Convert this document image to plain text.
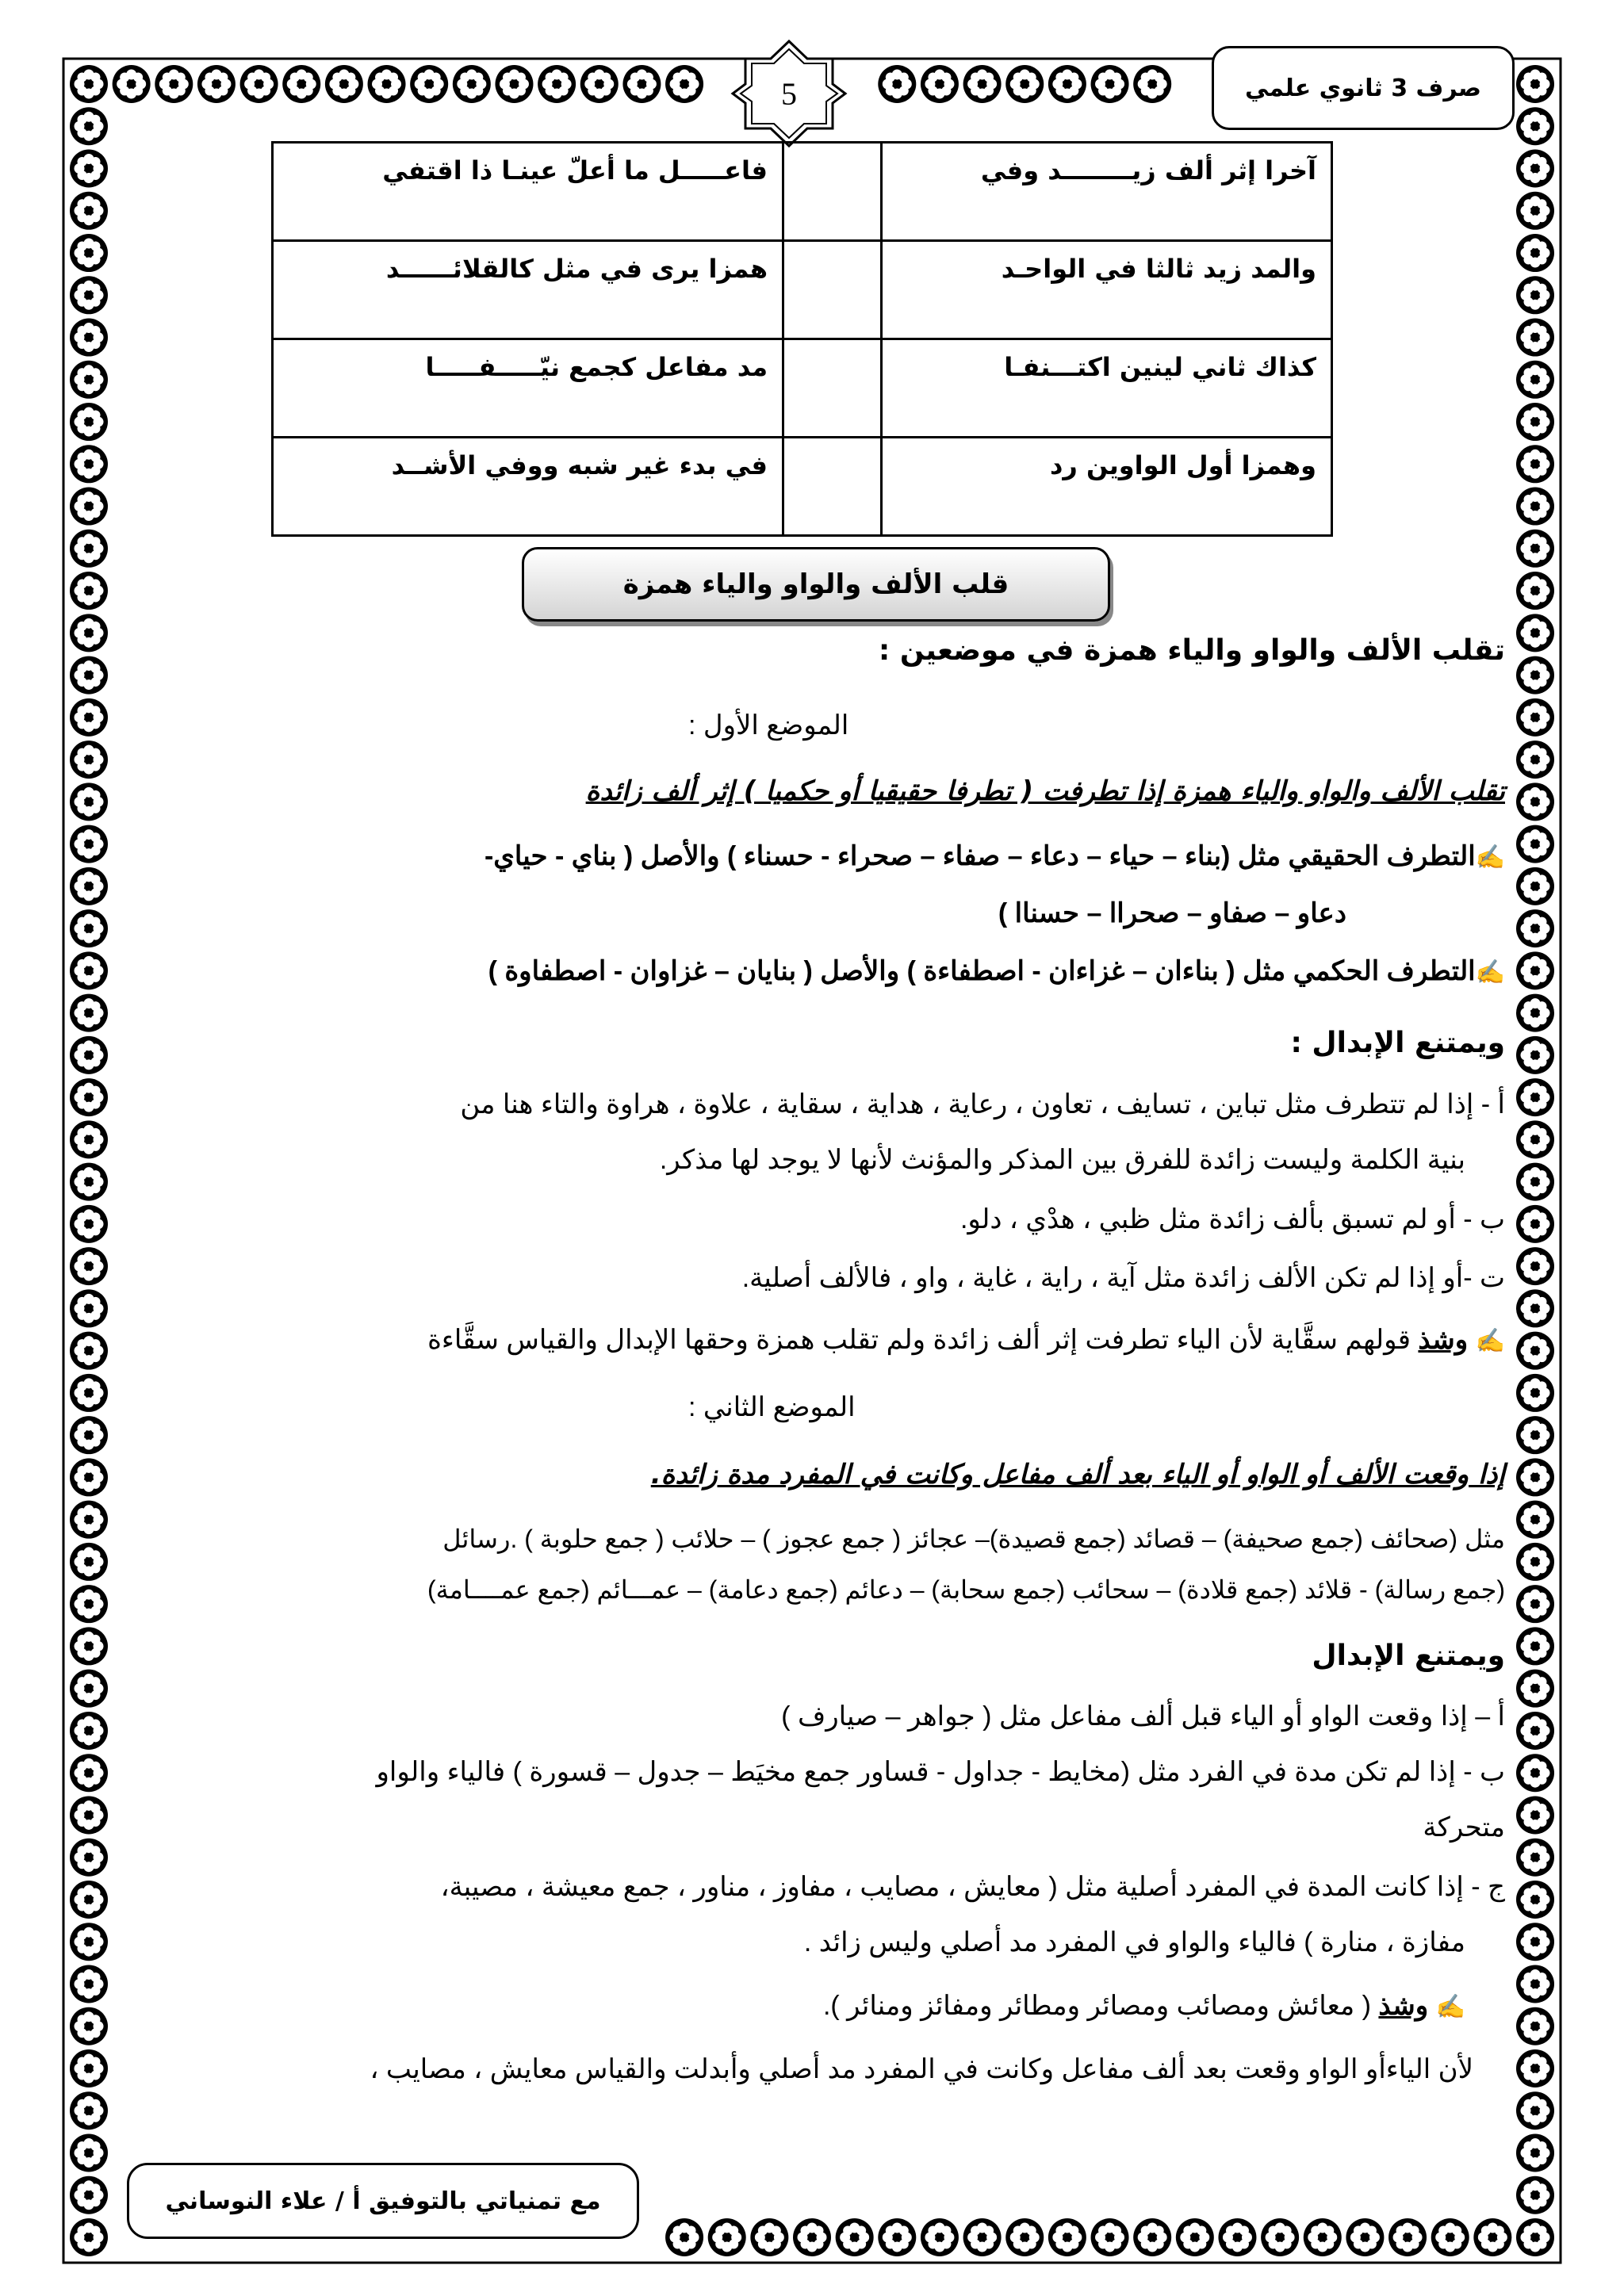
صرف 3 ثانوي علمي
5
آخرا إثر ألف زيــــــــد وفي		فاعـــــل ما أعلّ عينـا ذا اقتفي
والمد زيد ثالثا في الواحـد		همزا يرى في مثل كالقلائــــــد
كذاك ثاني لينين اكتـــنفـا		مد مفاعل كجمع نيّـــــفـــــا
وهمزا أول الواوين رد		في بدء غير شبه ووفي الأشــد
قلب الألف والواو والياء همزة
تقلب الألف والواو والياء همزة في موضعين :
الموضع الأول :
تقلب الألف والواو والياء همزة إذا تطرفت ( تطرفا حقيقيا أو حكميا ) إثر ألف زائدة
✍التطرف الحقيقي مثل (بناء – حياء – دعاء – صفاء – صحراء - حسناء ) والأصل ( بناي - حياي-
دعاو – صفاو – صحراا – حسناا )
✍التطرف الحكمي مثل ( بناءان – غزاءان - اصطفاءة ) والأصل ( بنايان – غزاوان - اصطفاوة )
ويمتنع الإبدال :
أ - إذا لم تتطرف مثل تباين ، تسايف ، تعاون ، رعاية ، هداية ، سقاية ، علاوة ، هراوة والتاء هنا من
بنية الكلمة وليست زائدة للفرق بين المذكر والمؤنث لأنها لا يوجد لها مذكر.
ب - أو لم تسبق بألف زائدة مثل ظبي ، هدْي ، دلو.
ت -أو إذا لم تكن الألف زائدة مثل آية ، راية ، غاية ، واو ، فالألف أصلية.
✍ وشذ قولهم سقَّاية لأن الياء تطرفت إثر ألف زائدة ولم تقلب همزة وحقها الإبدال والقياس سقَّاءة
الموضع الثاني :
إذا وقعت الألف أو الواو أو الياء بعد ألف مفاعل وكانت في المفرد مدة زائدة.
مثل (صحائف (جمع صحيفة) – قصائد (جمع قصيدة)– عجائز ( جمع عجوز ) – حلائب ( جمع حلوبة ) .رسائل
(جمع رسالة) - قلائد (جمع قلادة) – سحائب (جمع سحابة) – دعائم (جمع دعامة) – عمـــائم (جمع عمــــامة)
ويمتنع الإبدال
أ – إذا وقعت الواو أو الياء قبل ألف مفاعل مثل ( جواهر – صيارف )
ب - إذا لم تكن مدة في الفرد مثل (مخايط - جداول - قساور جمع مخيَط – جدول – قسورة ) فالياء والواو
متحركة
ج - إذا كانت المدة في المفرد أصلية مثل ( معايش ، مصايب ، مفاوز ، مناور ، جمع معيشة ، مصيبة،
مفازة ، منارة ) فالياء والواو في المفرد مد أصلي وليس زائد .
✍ وشذ ( معائش ومصائب ومصائر ومطائر ومفائز ومنائر ).
لأن الياءأو الواو وقعت بعد ألف مفاعل وكانت في المفرد مد أصلي وأبدلت والقياس معايش ، مصايب ،
مع تمنياتي بالتوفيق أ / علاء النوساني
